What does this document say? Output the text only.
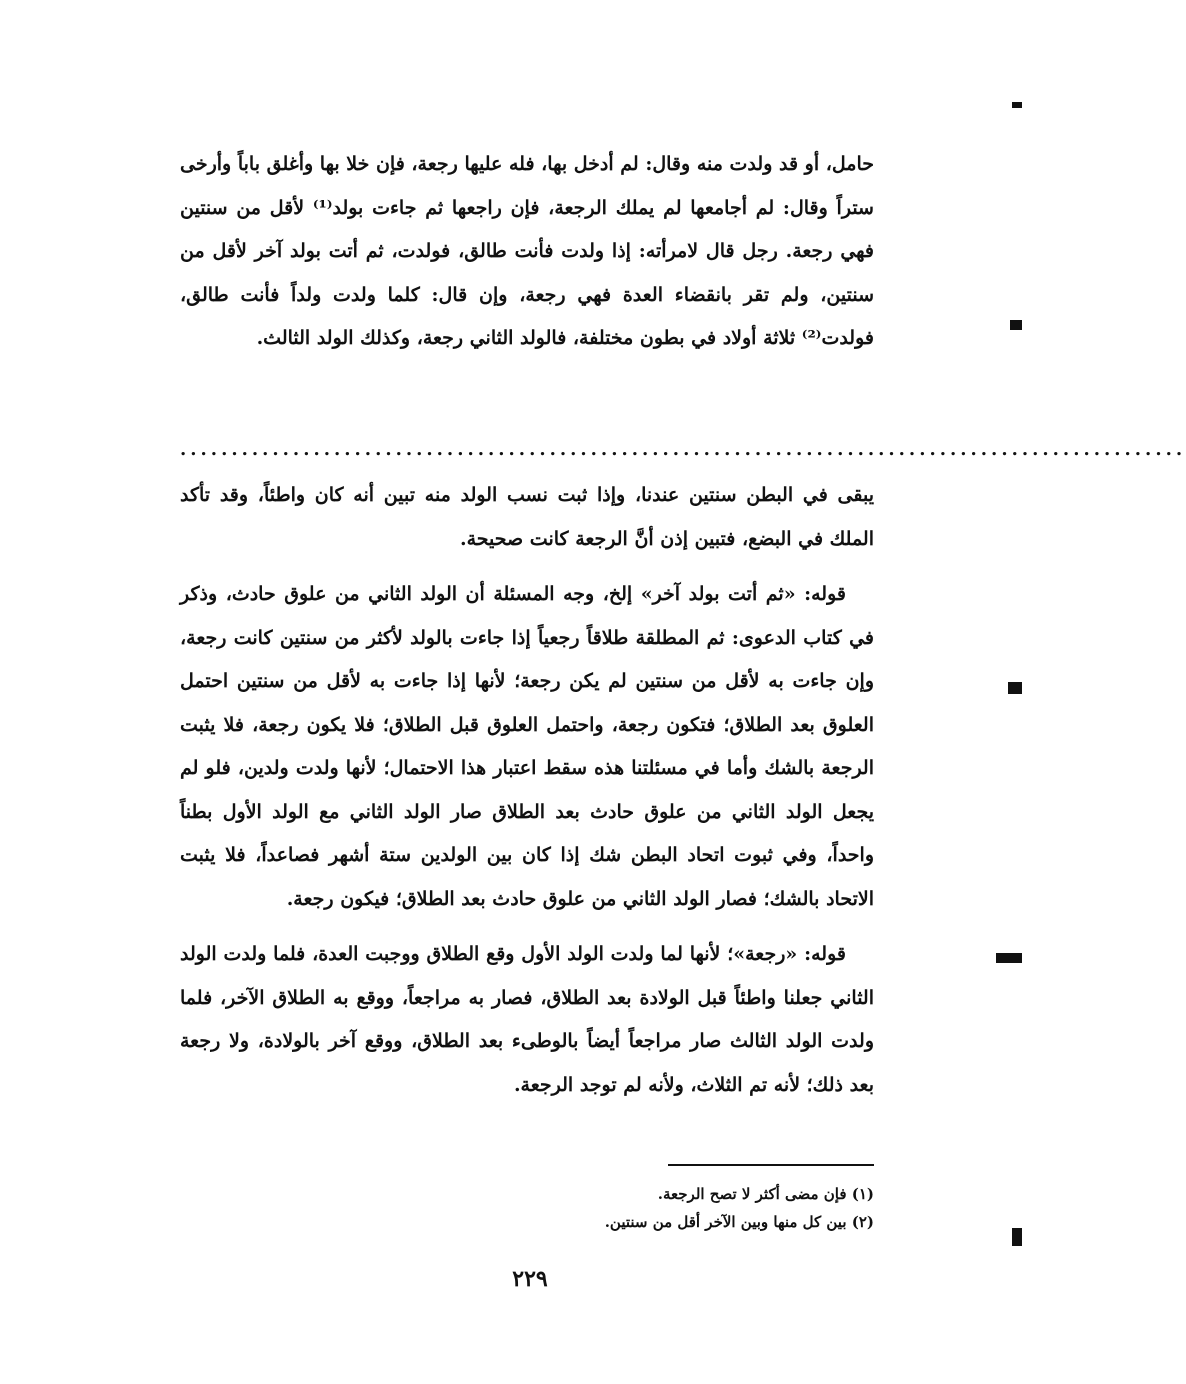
حامل، أو قد ولدت منه وقال: لم أدخل بها، فله عليها رجعة، فإن خلا بها وأغلق باباً وأرخى ستراً وقال: لم أجامعها لم يملك الرجعة، فإن راجعها ثم جاءت بولد⁽¹⁾ لأقل من سنتين فهي رجعة. رجل قال لامرأته: إذا ولدت فأنت طالق، فولدت، ثم أتت بولد آخر لأقل من سنتين، ولم تقر بانقضاء العدة فهي رجعة، وإن قال: كلما ولدت ولداً فأنت طالق، فولدت⁽²⁾ ثلاثة أولاد في بطون مختلفة، فالولد الثاني رجعة، وكذلك الولد الثالث.

..................................................................................................

يبقى في البطن سنتين عندنا، وإذا ثبت نسب الولد منه تبين أنه كان واطئاً، وقد تأكد الملك في البضع، فتبين إذن أنَّ الرجعة كانت صحيحة.

قوله: «ثم أتت بولد آخر» إلخ، وجه المسئلة أن الولد الثاني من علوق حادث، وذكر في كتاب الدعوى: ثم المطلقة طلاقاً رجعياً إذا جاءت بالولد لأكثر من سنتين كانت رجعة، وإن جاءت به لأقل من سنتين لم يكن رجعة؛ لأنها إذا جاءت به لأقل من سنتين احتمل العلوق بعد الطلاق؛ فتكون رجعة، واحتمل العلوق قبل الطلاق؛ فلا يكون رجعة، فلا يثبت الرجعة بالشك وأما في مسئلتنا هذه سقط اعتبار هذا الاحتمال؛ لأنها ولدت ولدين، فلو لم يجعل الولد الثاني من علوق حادث بعد الطلاق صار الولد الثاني مع الولد الأول بطناً واحداً، وفي ثبوت اتحاد البطن شك إذا كان بين الولدين ستة أشهر فصاعداً، فلا يثبت الاتحاد بالشك؛ فصار الولد الثاني من علوق حادث بعد الطلاق؛ فيكون رجعة.

قوله: «رجعة»؛ لأنها لما ولدت الولد الأول وقع الطلاق ووجبت العدة، فلما ولدت الولد الثاني جعلنا واطئاً قبل الولادة بعد الطلاق، فصار به مراجعاً، ووقع به الطلاق الآخر، فلما ولدت الولد الثالث صار مراجعاً أيضاً بالوطىء بعد الطلاق، ووقع آخر بالولادة، ولا رجعة بعد ذلك؛ لأنه تم الثلاث، ولأنه لم توجد الرجعة.

(١) فإن مضى أكثر لا تصح الرجعة.
(٢) بين كل منها وبين الآخر أقل من سنتين.
٢٢٩
